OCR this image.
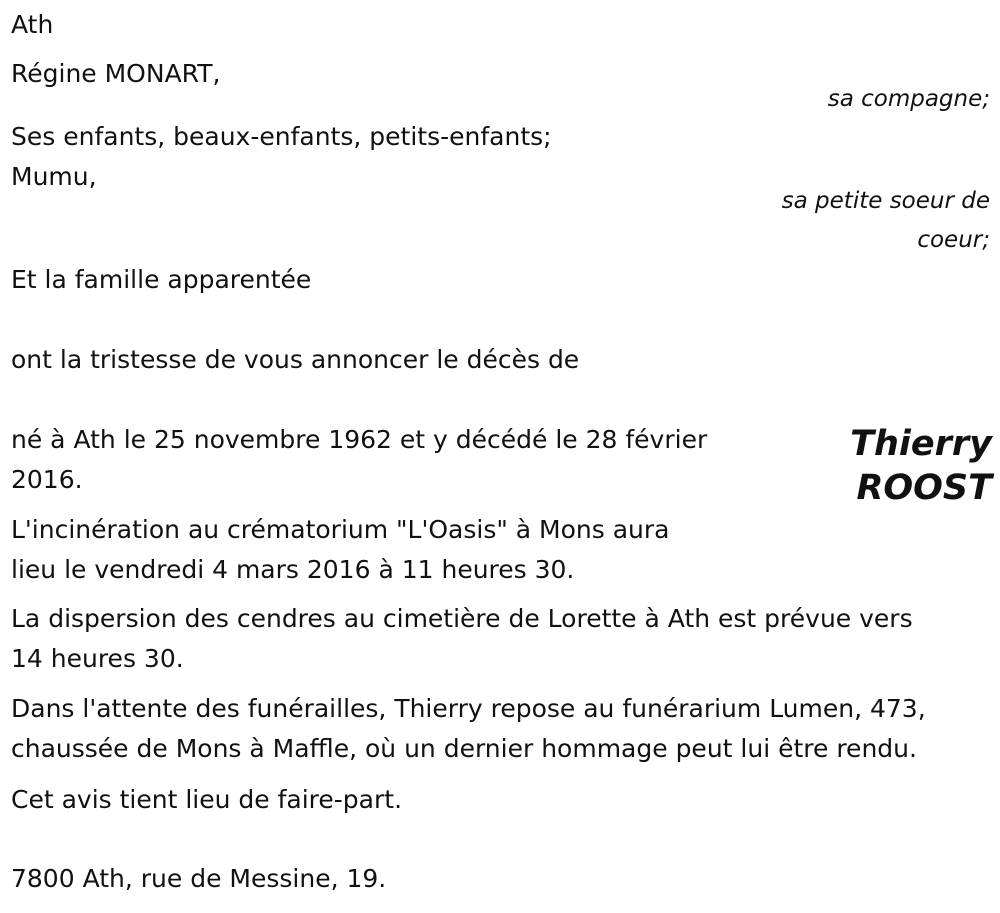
Ath

Régine MONART,

sa compagne;

Ses enfants, beaux-enfants, petits-enfants;

Mumu,

sa petite soeur de

coeur;

Et la famille apparentée

ont la tristesse de vous annoncer le décès de

Thierry
ROOST
né à Ath le 25 novembre 1962 et y décédé le 28 février
2016.
L'incinération au crématorium "L'Oasis" à Mons aura
lieu le vendredi 4 mars 2016 à 11 heures 30.
La dispersion des cendres au cimetière de Lorette à Ath est prévue vers
14 heures 30.
Dans l'attente des funérailles, Thierry repose au funérarium Lumen, 473,
chaussée de Mons à Maffle, où un dernier hommage peut lui être rendu.

Cet avis tient lieu de faire-part.

7800 Ath, rue de Messine, 19.
